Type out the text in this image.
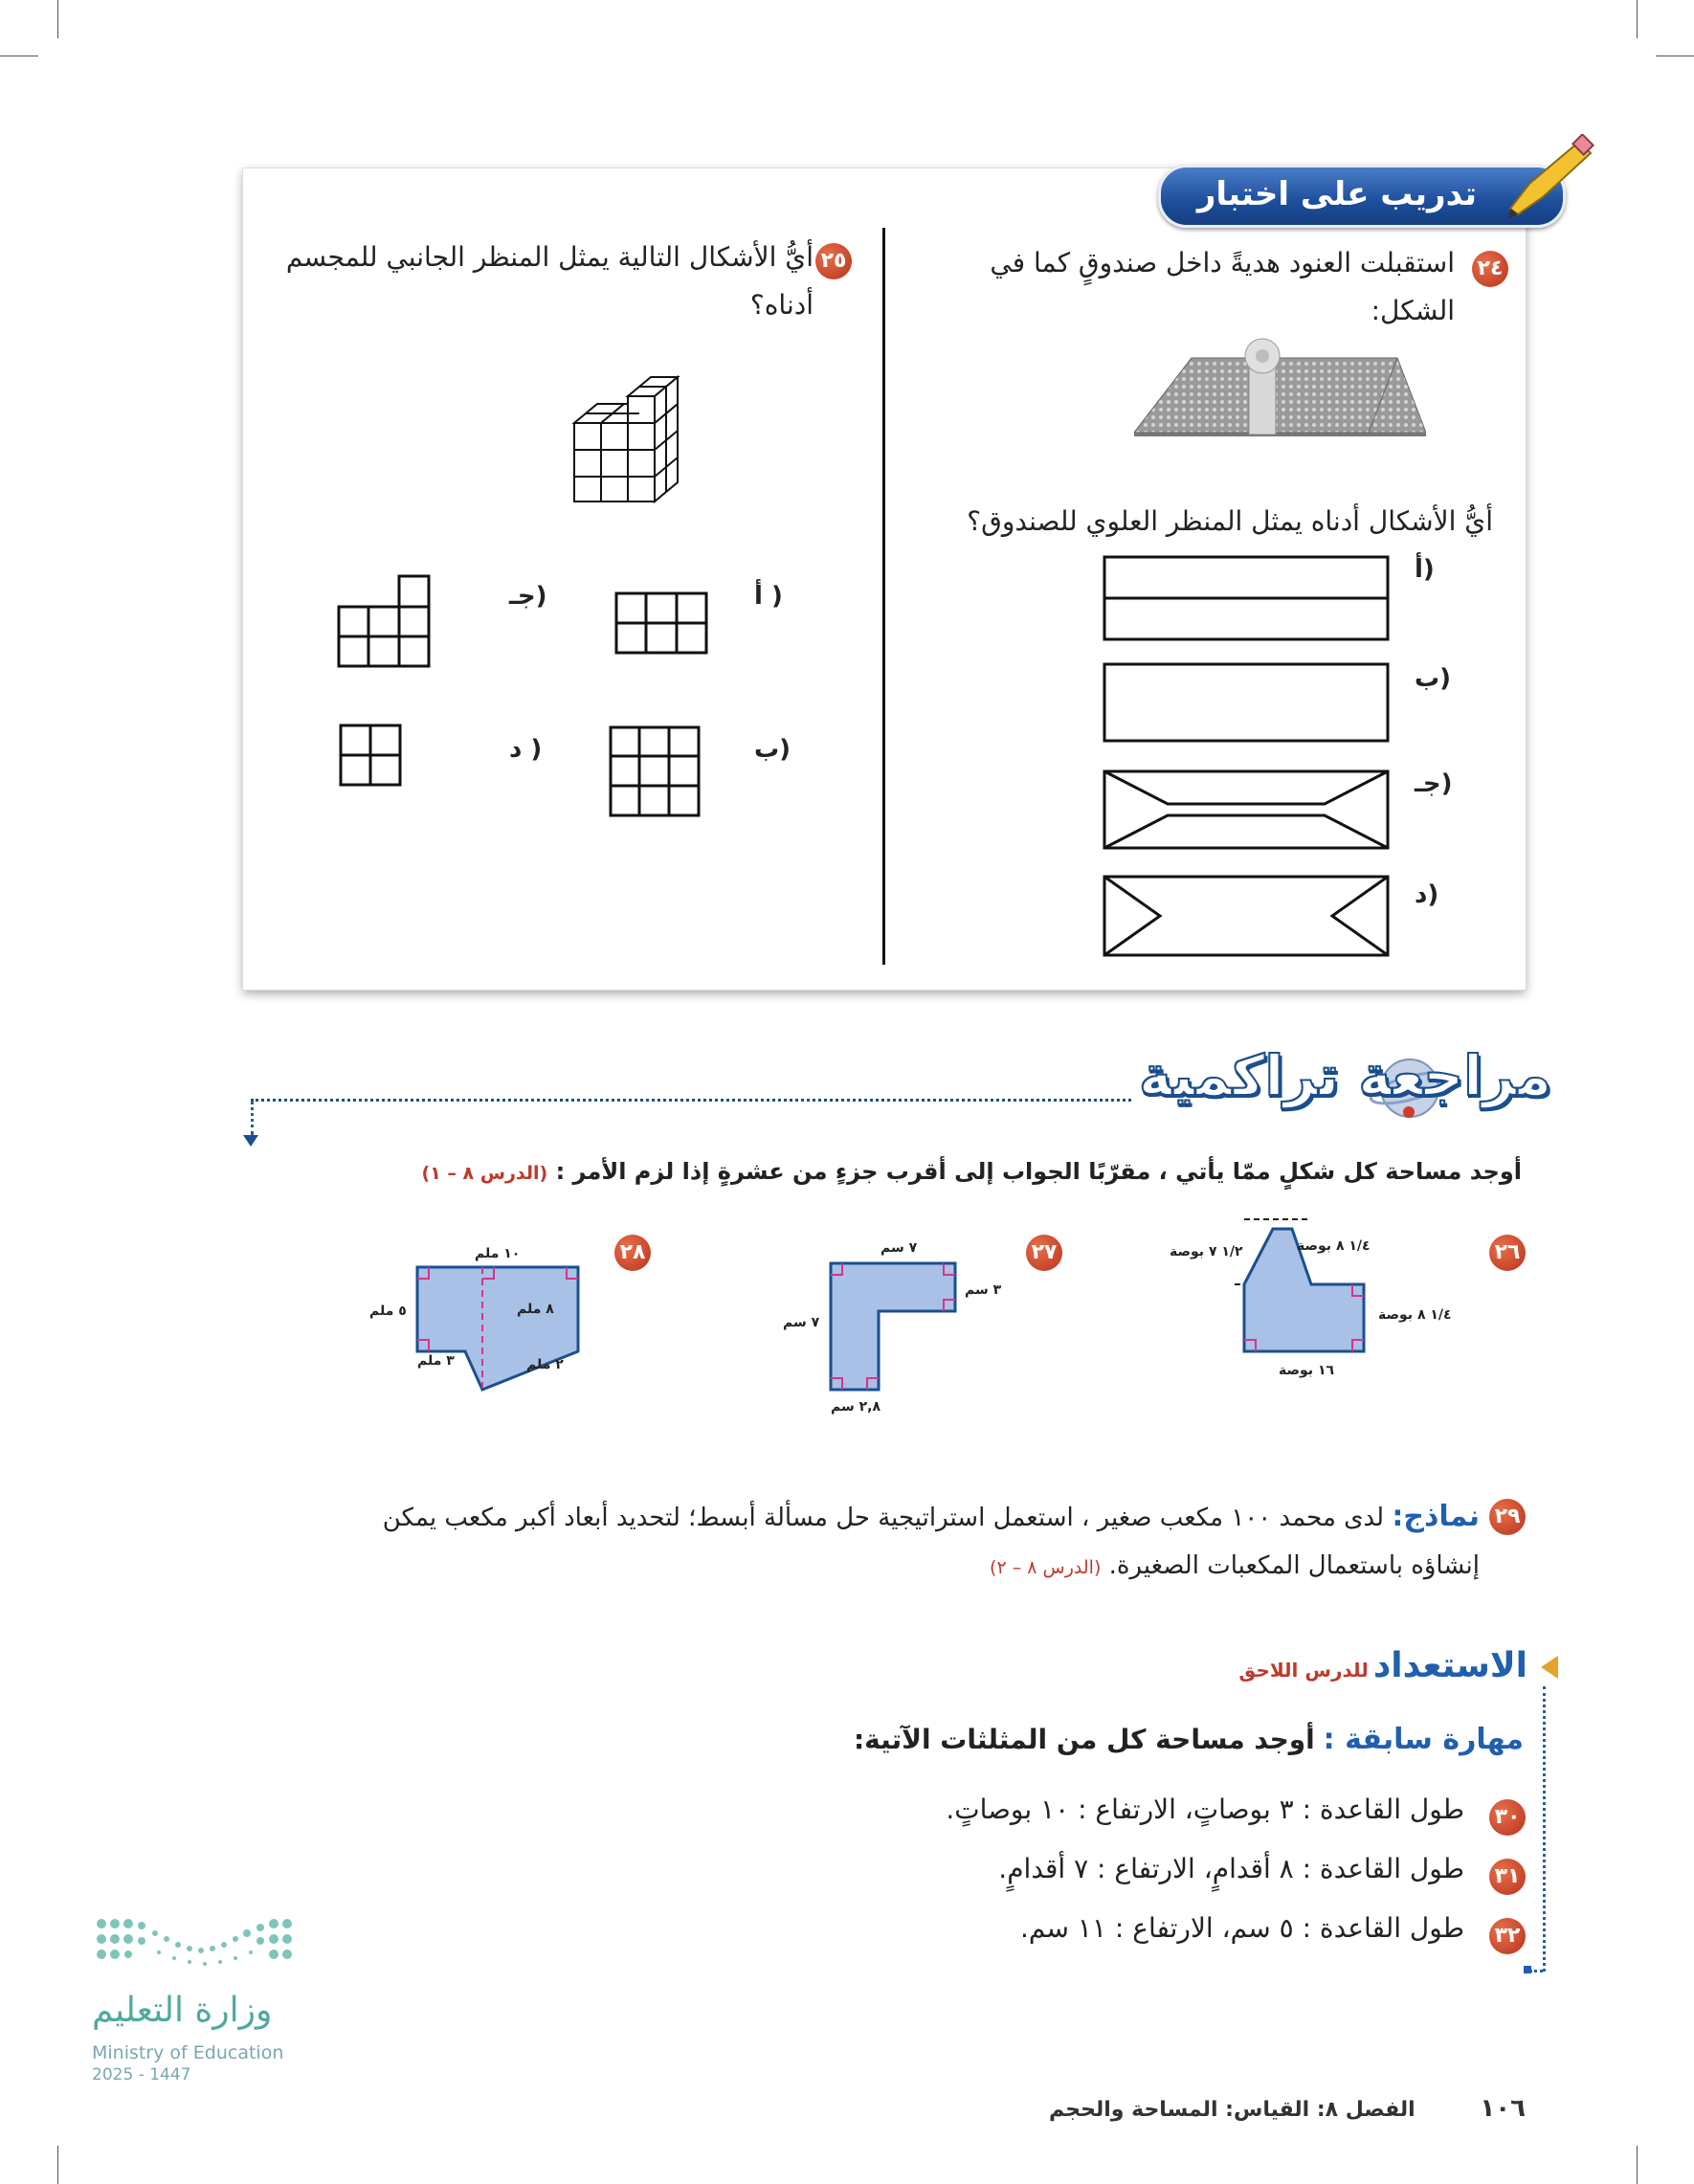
تدريب على اختبار
٢٤
استقبلت العنود هديةً داخل صندوقٍ كما في
الشكل:
أيُّ الأشكال أدناه يمثل المنظر العلوي للصندوق؟
أ)
ب)
جـ)
د)
٢٥
أيُّ الأشكال التالية يمثل المنظر الجانبي للمجسم
أدناه؟
أ )
جـ)
ب)
د )
مراجعة تراكمية
أوجد مساحة كل شكلٍ ممّا يأتي ، مقرّبًا الجواب إلى أقرب جزءٍ من عشرةٍ إذا لزم الأمر : (الدرس ٨ – ١)
٢٦
١/٤ ٨ بوصة
١/٢ ٧ بوصة
١/٤ ٨ بوصة
١٦ بوصة
٢٧
٧ سم
٣ سم
٧ سم
٢,٨ سم
٢٨
١٠ ملم
٨ ملم
٥ ملم
٣ ملم	٢ ملم
٢٩
نماذج: لدى محمد ١٠٠ مكعب صغير ، استعمل استراتيجية حل مسألة أبسط؛ لتحديد أبعاد أكبر مكعب يمكن
إنشاؤه باستعمال المكعبات الصغيرة. (الدرس ٨ – ٢)
الاستعداد للدرس اللاحق
مهارة سابقة : أوجد مساحة كل من المثلثات الآتية:
٣٠
طول القاعدة : ٣ بوصاتٍ، الارتفاع : ١٠ بوصاتٍ.
٣١
طول القاعدة : ٨ أقدامٍ، الارتفاع : ٧ أقدامٍ.
٣٢
طول القاعدة : ٥ سم، الارتفاع : ١١ سم.
وزارة التعليم
Ministry of Education
2025 - 1447
١٠٦ الفصل ٨: القياس: المساحة والحجم
